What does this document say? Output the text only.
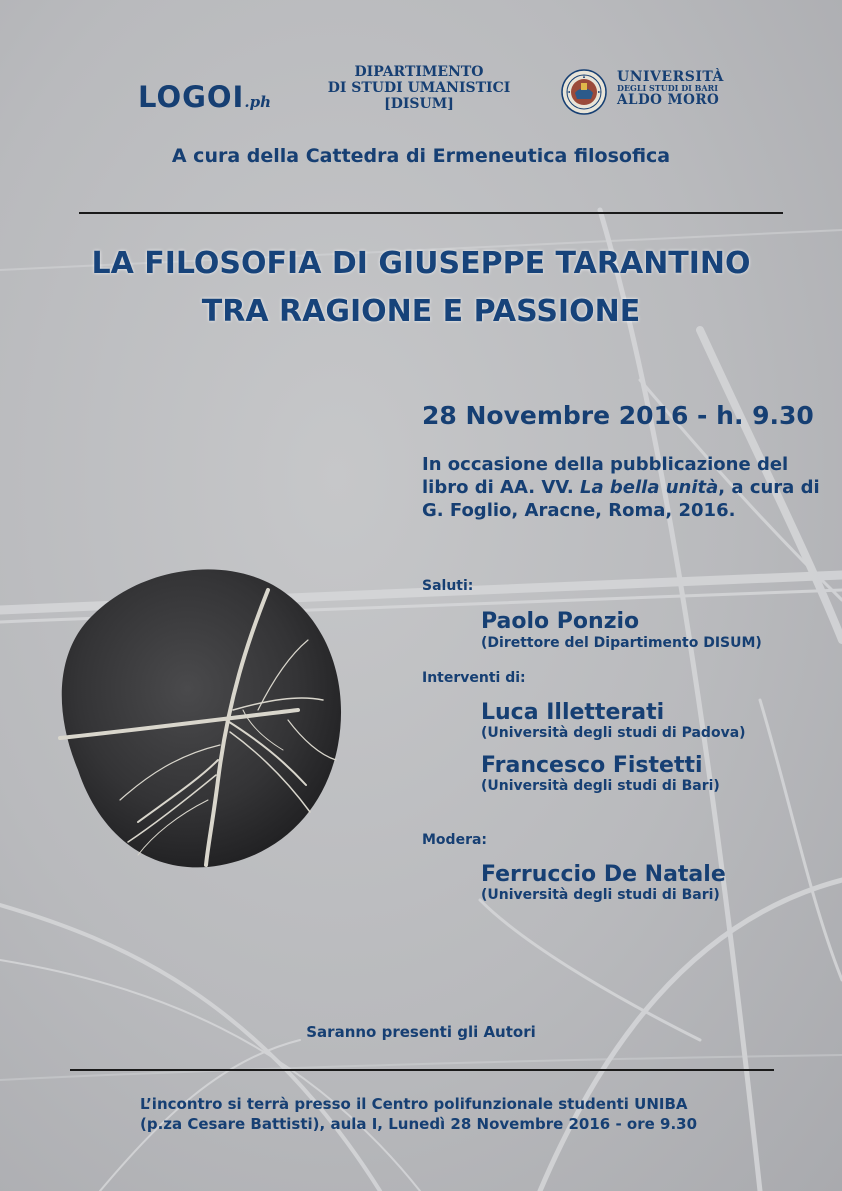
LOGOI.ph
DIPARTIMENTO
DI STUDI UMANISTICI
[DISUM]
UNIVERSITÀ
DEGLI STUDI DI BARI
ALDO MORO
A cura della Cattedra di Ermeneutica filosofica
LA FILOSOFIA DI GIUSEPPE TARANTINO
TRA RAGIONE E PASSIONE
28 Novembre 2016 - h. 9.30
In occasione della pubblicazione del libro di AA. VV. La bella unità, a cura di G. Foglio, Aracne, Roma, 2016.
Saluti:
Paolo Ponzio
(Direttore del Dipartimento DISUM)
Interventi di:
Luca Illetterati
(Università degli studi di Padova)
Francesco Fistetti
(Università degli studi di Bari)
Modera:
Ferruccio De Natale
(Università degli studi di Bari)
Saranno presenti gli Autori
L’incontro si terrà presso il Centro polifunzionale studenti UNIBA
(p.za Cesare Battisti), aula I, Lunedì 28 Novembre 2016 - ore 9.30
